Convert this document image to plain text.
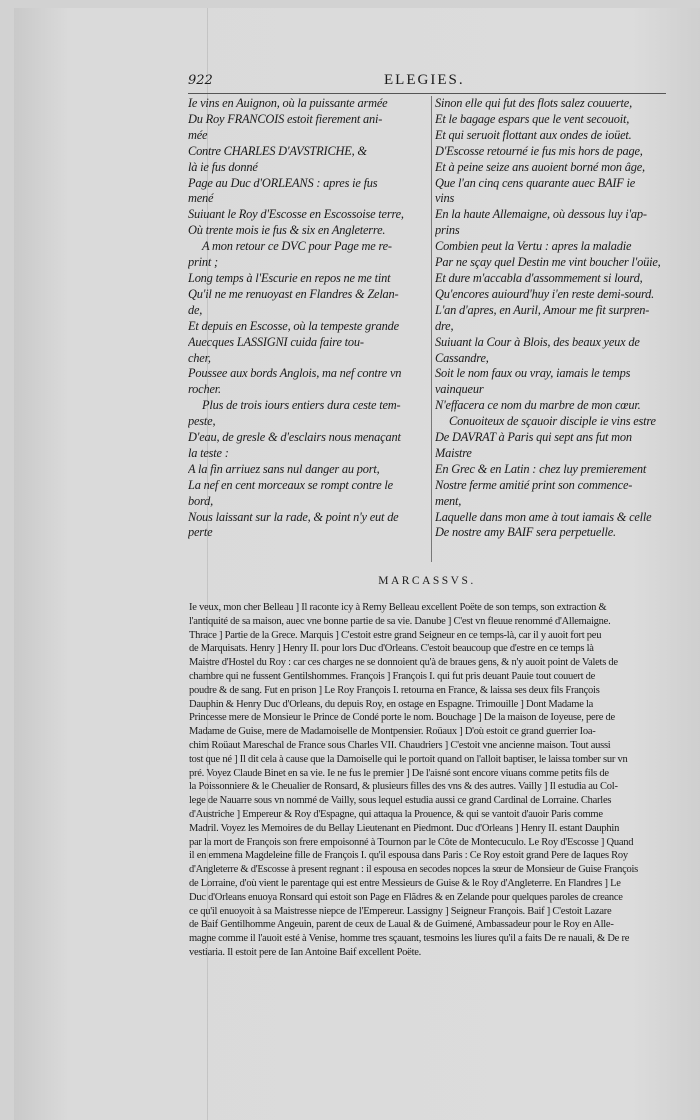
922	ELEGIES.
Ie vins en Auignon, où la puissante armée
Du Roy FRANCOIS estoit fierement ani-
mée
Contre CHARLES D'AVSTRICHE, &
là ie fus donné
Page au Duc d'ORLEANS : apres ie fus
mené
Suiuant le Roy d'Escosse en Escossoise terre,
Où trente mois ie fus & six en Angleterre.
A mon retour ce DVC pour Page me re-
print ;
Long temps à l'Escurie en repos ne me tint
Qu'il ne me renuoyast en Flandres & Zelan-
de,
Et depuis en Escosse, où la tempeste grande
Auecques LASSIGNI cuida faire tou-
cher,
Poussee aux bords Anglois, ma nef contre vn
rocher.
Plus de trois iours entiers dura ceste tem-
peste,
D'eau, de gresle & d'esclairs nous menaçant
la teste :
A la fin arriuez sans nul danger au port,
La nef en cent morceaux se rompt contre le
bord,
Nous laissant sur la rade, & point n'y eut de
perte
Sinon elle qui fut des flots salez couuerte,
Et le bagage espars que le vent secouoit,
Et qui seruoit flottant aux ondes de ioüet.
D'Escosse retourné ie fus mis hors de page,
Et à peine seize ans auoient borné mon âge,
Que l'an cinq cens quarante auec BAIF ie
vins
En la haute Allemaigne, où dessous luy i'ap-
prins
Combien peut la Vertu : apres la maladie
Par ne sçay quel Destin me vint boucher l'oüie,
Et dure m'accabla d'assommement si lourd,
Qu'encores auiourd'huy i'en reste demi-sourd.
L'an d'apres, en Auril, Amour me fit surpren-
dre,
Suiuant la Cour à Blois, des beaux yeux de
Cassandre,
Soit le nom faux ou vray, iamais le temps
vainqueur
N'effacera ce nom du marbre de mon cœur.
Conuoiteux de sçauoir disciple ie vins estre
De DAVRAT à Paris qui sept ans fut mon
Maistre
En Grec & en Latin : chez luy premierement
Nostre ferme amitié print son commence-
ment,
Laquelle dans mon ame à tout iamais & celle
De nostre amy BAIF sera perpetuelle.
MARCASSVS.
Ie veux, mon cher Belleau ] Il raconte icy à Remy Belleau excellent Poëte de son temps, son extraction &
l'antiquité de sa maison, auec vne bonne partie de sa vie. Danube ] C'est vn fleuue renommé d'Allemaigne.
Thrace ] Partie de la Grece. Marquis ] C'estoit estre grand Seigneur en ce temps-là, car il y auoit fort peu
de Marquisats. Henry ] Henry II. pour lors Duc d'Orleans. C'estoit beaucoup que d'estre en ce temps là
Maistre d'Hostel du Roy : car ces charges ne se donnoient qu'à de braues gens, & n'y auoit point de Valets de
chambre qui ne fussent Gentilshommes. François ] François I. qui fut pris deuant Pauie tout couuert de
poudre & de sang. Fut en prison ] Le Roy François I. retourna en France, & laissa ses deux fils François
Dauphin & Henry Duc d'Orleans, du depuis Roy, en ostage en Espagne. Trimouille ] Dont Madame la
Princesse mere de Monsieur le Prince de Condé porte le nom. Bouchage ] De la maison de Ioyeuse, pere de
Madame de Guise, mere de Madamoiselle de Montpensier. Roüaux ] D'où estoit ce grand guerrier Ioa-
chim Roüaut Mareschal de France sous Charles VII. Chaudriers ] C'estoit vne ancienne maison. Tout aussi
tost que né ] Il dit cela à cause que la Damoiselle qui le portoit quand on l'alloit baptiser, le laissa tomber sur vn
pré. Voyez Claude Binet en sa vie. Ie ne fus le premier ] De l'aisné sont encore viuans comme petits fils de
la Poissonniere & le Cheualier de Ronsard, & plusieurs filles des vns & des autres. Vailly ] Il estudia au Col-
lege de Nauarre sous vn nommé de Vailly, sous lequel estudia aussi ce grand Cardinal de Lorraine. Charles
d'Austriche ] Empereur & Roy d'Espagne, qui attaqua la Prouence, & qui se vantoit d'auoir Paris comme
Madril. Voyez les Memoires de du Bellay Lieutenant en Piedmont. Duc d'Orleans ] Henry II. estant Dauphin
par la mort de François son frere empoisonné à Tournon par le Côte de Montecuculo. Le Roy d'Escosse ] Quand
il en emmena Magdeleine fille de François I. qu'il espousa dans Paris : Ce Roy estoit grand Pere de Iaques Roy
d'Angleterre & d'Escosse à present regnant : il espousa en secodes nopces la sœur de Monsieur de Guise François
de Lorraine, d'où vient le parentage qui est entre Messieurs de Guise & le Roy d'Angleterre. En Flandres ] Le
Duc d'Orleans enuoya Ronsard qui estoit son Page en Flãdres & en Zelande pour quelques paroles de creance
ce qu'il enuoyoit à sa Maistresse niepce de l'Empereur. Lassigny ] Seigneur François. Baif ] C'estoit Lazare
de Baif Gentilhomme Angeuin, parent de ceux de Laual & de Guimené, Ambassadeur pour le Roy en Alle-
magne comme il l'auoit esté à Venise, homme tres sçauant, tesmoins les liures qu'il a faits De re nauali, & De re
vestiaria. Il estoit pere de Ian Antoine Baif excellent Poëte.
